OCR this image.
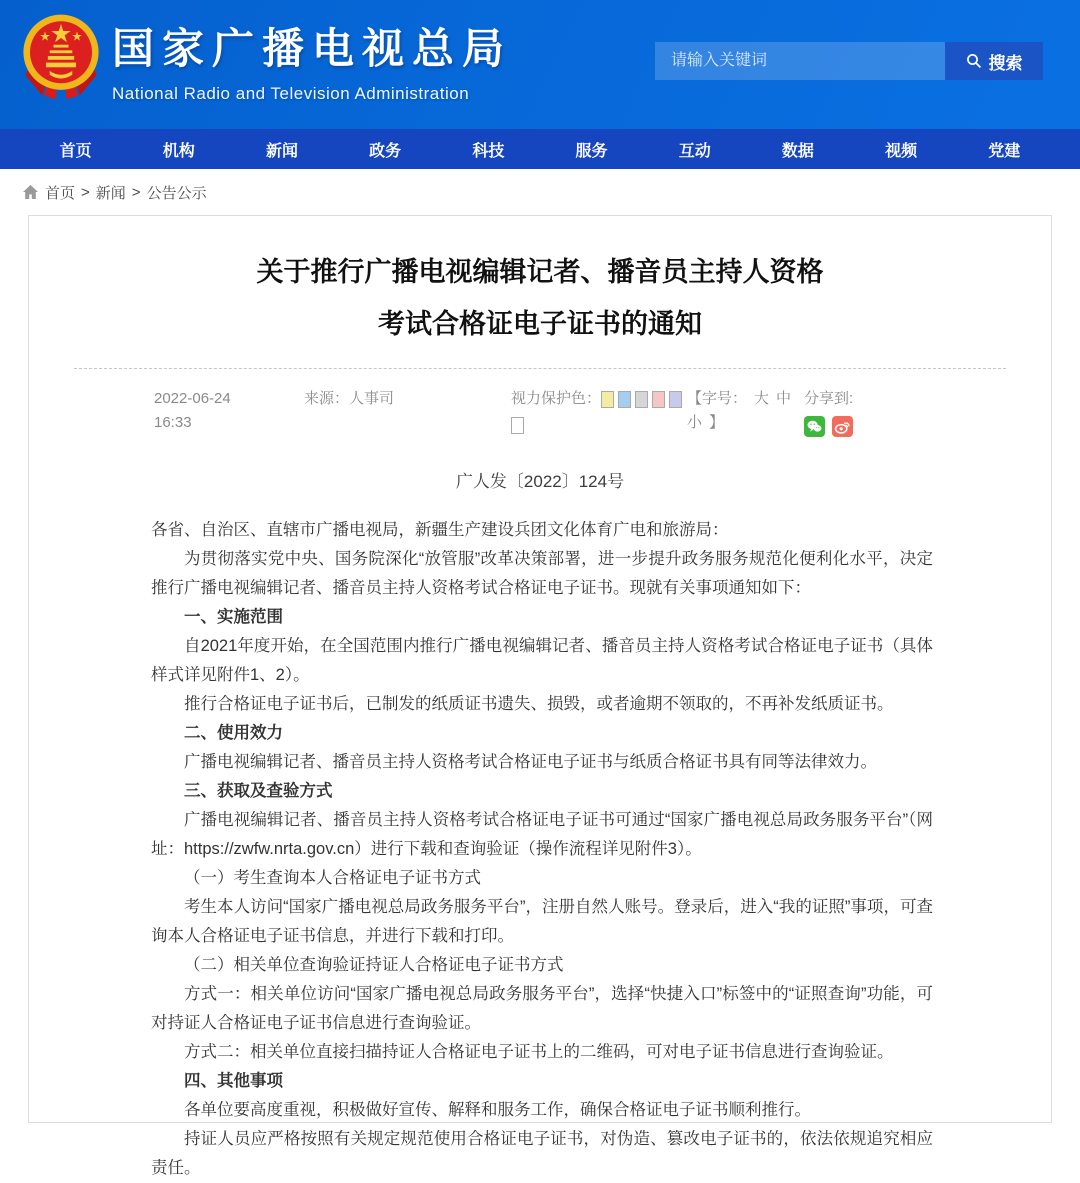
国家广播电视总局
National Radio and Television Administration
请输入关键词
搜索
首页	机构	新闻	政务	科技	服务	互动	数据	视频	党建
首页 > 新闻 > 公告公示
关于推行广播电视编辑记者、播音员主持人资格
考试合格证电子证书的通知
2022-06-24 16:33
来源：人事司	视力保护色：	【字号： 大 中
小 】
分享到:
广人发〔2022〕124号

各省、自治区、直辖市广播电视局，新疆生产建设兵团文化体育广电和旅游局：

为贯彻落实党中央、国务院深化“放管服”改革决策部署，进一步提升政务服务规范化便利化水平，决定推行广播电视编辑记者、播音员主持人资格考试合格证电子证书。现就有关事项通知如下：

一、实施范围

自2021年度开始，在全国范围内推行广播电视编辑记者、播音员主持人资格考试合格证电子证书（具体样式详见附件1、2）。

推行合格证电子证书后，已制发的纸质证书遗失、损毁，或者逾期不领取的，不再补发纸质证书。

二、使用效力

广播电视编辑记者、播音员主持人资格考试合格证电子证书与纸质合格证书具有同等法律效力。

三、获取及查验方式

广播电视编辑记者、播音员主持人资格考试合格证电子证书可通过“国家广播电视总局政务服务平台”（网址：https://zwfw.nrta.gov.cn）进行下载和查询验证（操作流程详见附件3）。

（一）考生查询本人合格证电子证书方式

考生本人访问“国家广播电视总局政务服务平台”，注册自然人账号。登录后，进入“我的证照”事项，可查询本人合格证电子证书信息，并进行下载和打印。

（二）相关单位查询验证持证人合格证电子证书方式

方式一：相关单位访问“国家广播电视总局政务服务平台”，选择“快捷入口”标签中的“证照查询”功能，可对持证人合格证电子证书信息进行查询验证。

方式二：相关单位直接扫描持证人合格证电子证书上的二维码，可对电子证书信息进行查询验证。

四、其他事项

各单位要高度重视，积极做好宣传、解释和服务工作，确保合格证电子证书顺利推行。

持证人员应严格按照有关规定规范使用合格证电子证书，对伪造、篡改电子证书的，依法依规追究相应责任。
